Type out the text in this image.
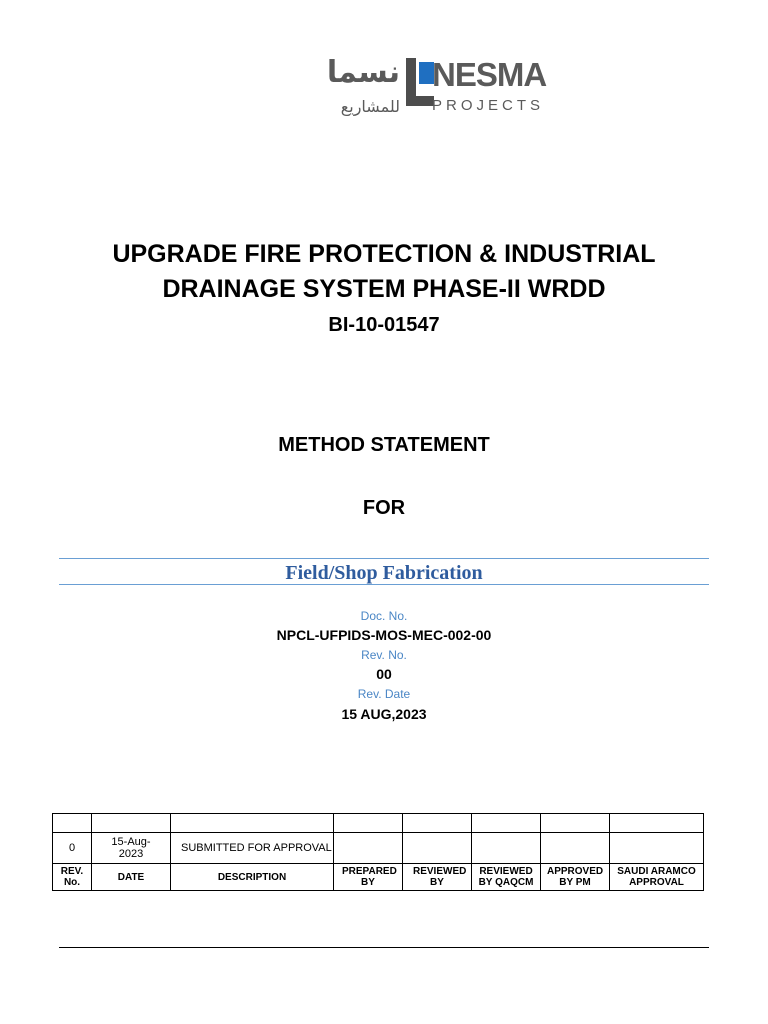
نسما
للمشاريع
NESMA
PROJECTS
UPGRADE FIRE PROTECTION & INDUSTRIAL
DRAINAGE SYSTEM PHASE-II WRDD
BI-10-01547
METHOD STATEMENT
FOR
Field/Shop Fabrication
Doc. No.
NPCL-UFPIDS-MOS-MEC-002-00
Rev. No.
00
Rev. Date
15 AUG,2023

0	15-Aug-2023	SUBMITTED FOR APPROVAL					
REV. No.	DATE	DESCRIPTION	PREPARED BY	REVIEWED BY	REVIEWED BY QAQCM	APPROVED BY PM	SAUDI ARAMCO APPROVAL
